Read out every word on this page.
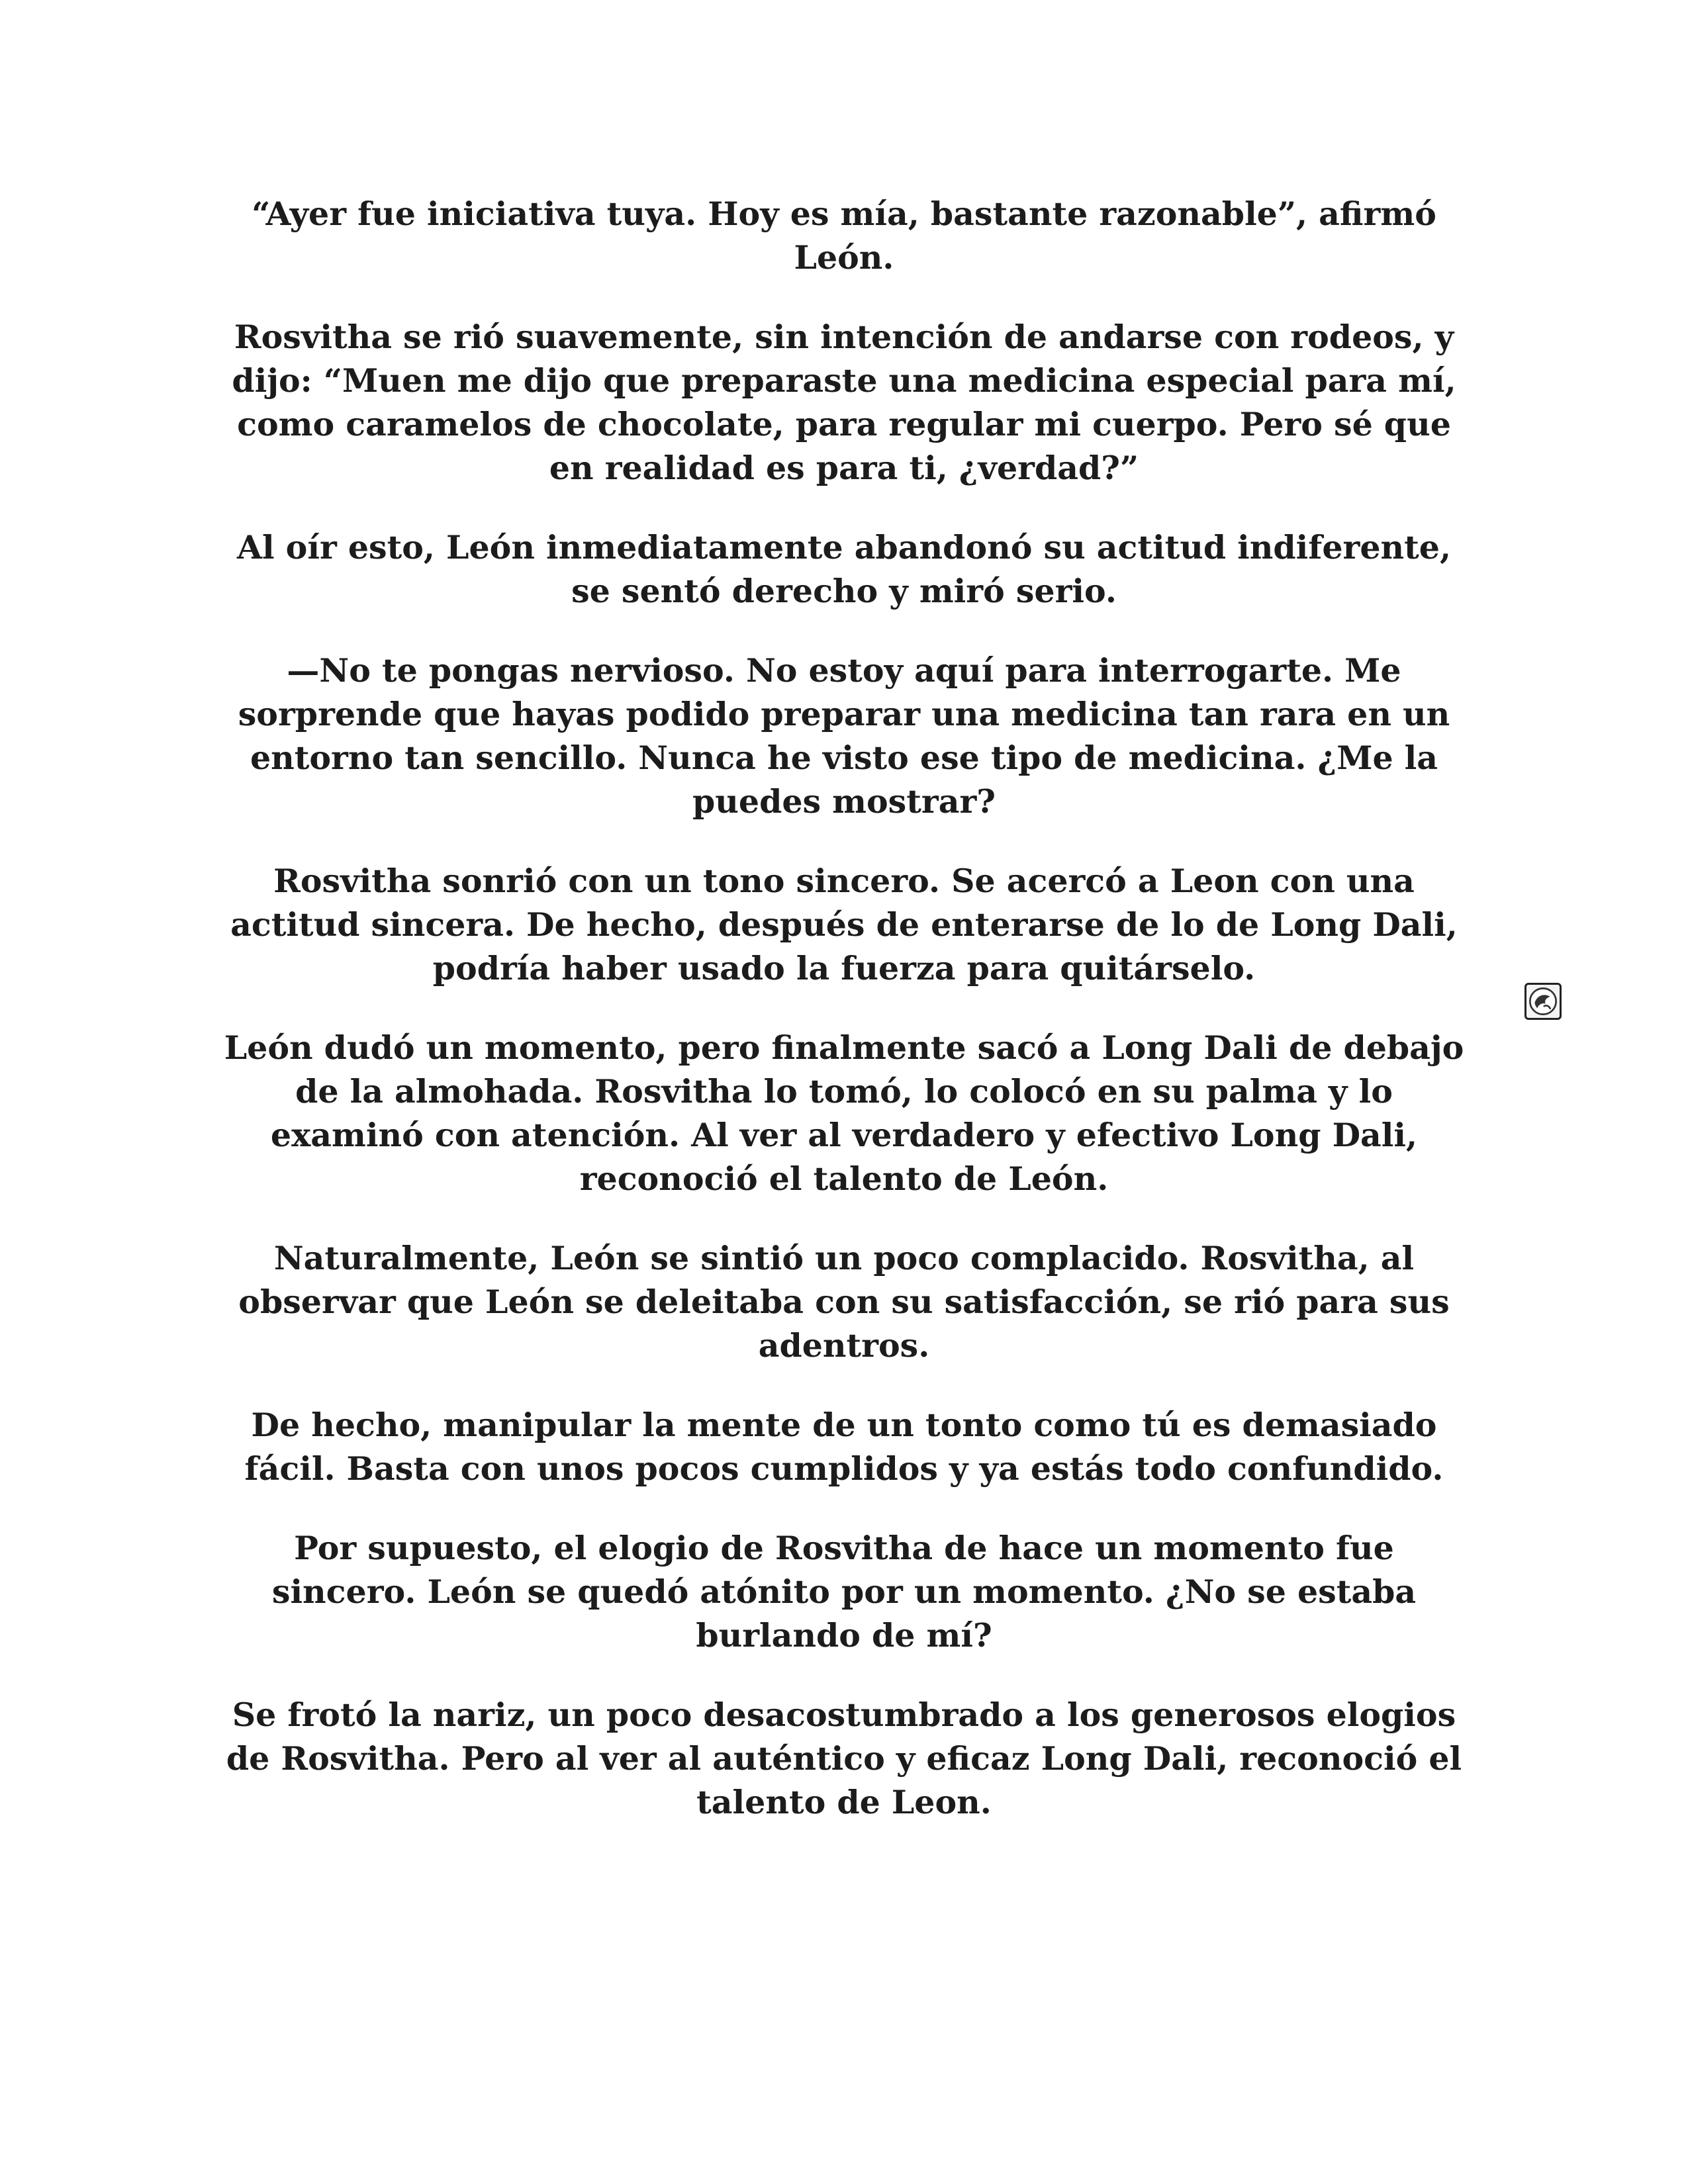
“Ayer fue iniciativa tuya. Hoy es mía, bastante razonable”, afirmó León.

Rosvitha se rió suavemente, sin intención de andarse con rodeos, y dijo: “Muen me dijo que preparaste una medicina especial para mí, como caramelos de chocolate, para regular mi cuerpo. Pero sé que en realidad es para ti, ¿verdad?”

Al oír esto, León inmediatamente abandonó su actitud indiferente, se sentó derecho y miró serio.

—No te pongas nervioso. No estoy aquí para interrogarte. Me sorprende que hayas podido preparar una medicina tan rara en un entorno tan sencillo. Nunca he visto ese tipo de medicina. ¿Me la puedes mostrar?

Rosvitha sonrió con un tono sincero. Se acercó a Leon con una actitud sincera. De hecho, después de enterarse de lo de Long Dali, podría haber usado la fuerza para quitárselo.

León dudó un momento, pero finalmente sacó a Long Dali de debajo de la almohada. Rosvitha lo tomó, lo colocó en su palma y lo examinó con atención. Al ver al verdadero y efectivo Long Dali, reconoció el talento de León.

Naturalmente, León se sintió un poco complacido. Rosvitha, al observar que León se deleitaba con su satisfacción, se rió para sus adentros.

De hecho, manipular la mente de un tonto como tú es demasiado fácil. Basta con unos pocos cumplidos y ya estás todo confundido.

Por supuesto, el elogio de Rosvitha de hace un momento fue sincero. León se quedó atónito por un momento. ¿No se estaba burlando de mí?

Se frotó la nariz, un poco desacostumbrado a los generosos elogios de Rosvitha. Pero al ver al auténtico y eficaz Long Dali, reconoció el talento de Leon.
